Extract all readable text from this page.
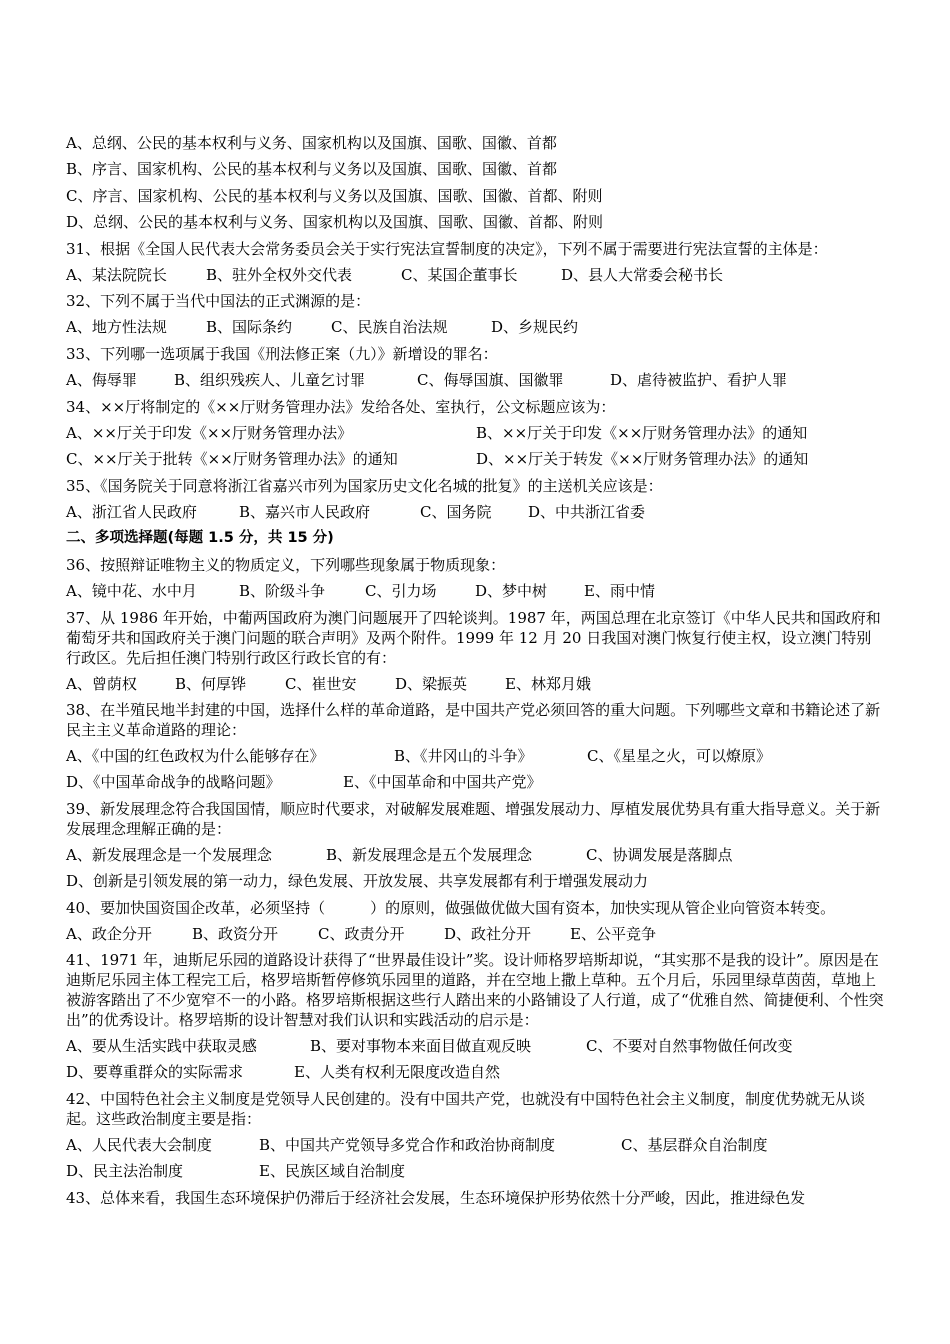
A、总纲、公民的基本权利与义务、国家机构以及国旗、国歌、国徽、首都
B、序言、国家机构、公民的基本权利与义务以及国旗、国歌、国徽、首都
C、序言、国家机构、公民的基本权利与义务以及国旗、国歌、国徽、首都、附则
D、总纲、公民的基本权利与义务、国家机构以及国旗、国歌、国徽、首都、附则
31、根据《全国人民代表大会常务委员会关于实行宪法宣誓制度的决定》，下列不属于需要进行宪法宣誓的主体是：
A、某法院院长	B、驻外全权外交代表	C、某国企董事长	D、县人大常委会秘书长
32、下列不属于当代中国法的正式渊源的是：
A、地方性法规	B、国际条约	C、民族自治法规	D、乡规民约
33、下列哪一选项属于我国《刑法修正案（九）》新增设的罪名：
A、侮辱罪	B、组织残疾人、儿童乞讨罪	C、侮辱国旗、国徽罪	D、虐待被监护、看护人罪
34、××厅将制定的《××厅财务管理办法》发给各处、室执行，公文标题应该为：
A、××厅关于印发《××厅财务管理办法》	B、××厅关于印发《××厅财务管理办法》的通知
C、××厅关于批转《××厅财务管理办法》的通知	D、××厅关于转发《××厅财务管理办法》的通知
35、《国务院关于同意将浙江省嘉兴市列为国家历史文化名城的批复》的主送机关应该是：
A、浙江省人民政府	B、嘉兴市人民政府	C、国务院	D、中共浙江省委
二、多项选择题(每题 1.5 分，共 15 分)
36、按照辩证唯物主义的物质定义，下列哪些现象属于物质现象：
A、镜中花、水中月	B、阶级斗争	C、引力场	D、梦中树	E、雨中情
37、从 1986 年开始，中葡两国政府为澳门问题展开了四轮谈判。1987 年，两国总理在北京签订《中华人民共和国政府和葡萄牙共和国政府关于澳门问题的联合声明》及两个附件。1999 年 12 月 20 日我国对澳门恢复行使主权，设立澳门特别行政区。先后担任澳门特别行政区行政长官的有：
A、曾荫权	B、何厚铧	C、崔世安	D、梁振英	E、林郑月娥
38、在半殖民地半封建的中国，选择什么样的革命道路，是中国共产党必须回答的重大问题。下列哪些文章和书籍论述了新民主主义革命道路的理论：
A、《中国的红色政权为什么能够存在》	B、《井冈山的斗争》	C、《星星之火，可以燎原》
D、《中国革命战争的战略问题》	E、《中国革命和中国共产党》
39、新发展理念符合我国国情，顺应时代要求，对破解发展难题、增强发展动力、厚植发展优势具有重大指导意义。关于新发展理念理解正确的是：
A、新发展理念是一个发展理念	B、新发展理念是五个发展理念	C、协调发展是落脚点
D、创新是引领发展的第一动力，绿色发展、开放发展、共享发展都有利于增强发展动力
40、要加快国资国企改革，必须坚持（　　　）的原则，做强做优做大国有资本，加快实现从管企业向管资本转变。
A、政企分开	B、政资分开	C、政责分开	D、政社分开	E、公平竞争
41、1971 年，迪斯尼乐园的道路设计获得了“世界最佳设计”奖。设计师格罗培斯却说，“其实那不是我的设计”。原因是在迪斯尼乐园主体工程完工后，格罗培斯暂停修筑乐园里的道路，并在空地上撒上草种。五个月后，乐园里绿草茵茵，草地上被游客踏出了不少宽窄不一的小路。格罗培斯根据这些行人踏出来的小路铺设了人行道，成了“优雅自然、简捷便利、个性突出”的优秀设计。格罗培斯的设计智慧对我们认识和实践活动的启示是：
A、要从生活实践中获取灵感	B、要对事物本来面目做直观反映	C、不要对自然事物做任何改变
D、要尊重群众的实际需求	E、人类有权利无限度改造自然
42、中国特色社会主义制度是党领导人民创建的。没有中国共产党，也就没有中国特色社会主义制度，制度优势就无从谈起。这些政治制度主要是指：
A、人民代表大会制度	B、中国共产党领导多党合作和政治协商制度	C、基层群众自治制度
D、民主法治制度	E、民族区域自治制度
43、总体来看，我国生态环境保护仍滞后于经济社会发展，生态环境保护形势依然十分严峻，因此，推进绿色发
